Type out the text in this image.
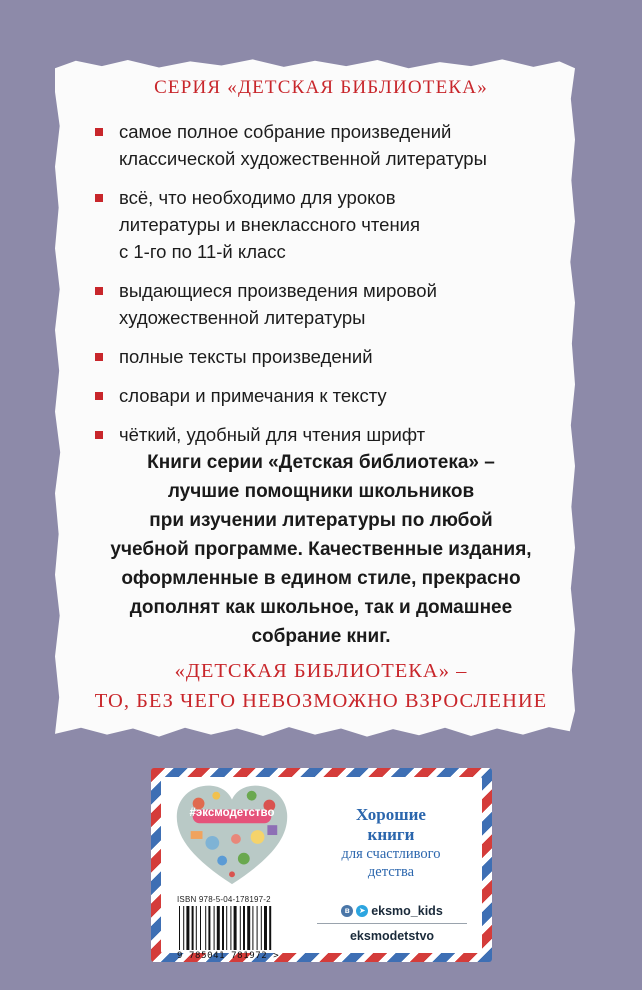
СЕРИЯ «ДЕТСКАЯ БИБЛИОТЕКА»
самое полное собрание произведений
классической художественной литературы
всё, что необходимо для уроков
литературы и внеклассного чтения
с 1-го по 11-й класс
выдающиеся произведения мировой
художественной литературы
полные тексты произведений
словари и примечания к тексту
чёткий, удобный для чтения шрифт
Книги серии «Детская библиотека» –
лучшие помощники школьников
при изучении литературы по любой
учебной программе. Качественные издания,
оформленные в едином стиле, прекрасно
дополнят как школьное, так и домашнее
собрание книг.
«ДЕТСКАЯ БИБЛИОТЕКА» –
ТО, БЕЗ ЧЕГО НЕВОЗМОЖНО ВЗРОСЛЕНИЕ
#эксмодетство	Хорошие
книги
для счастливого
детства
ISBN 978-5-04-178197-2
9 785041 781972 >
в	➤ eksmo_kids
eksmodetstvo
